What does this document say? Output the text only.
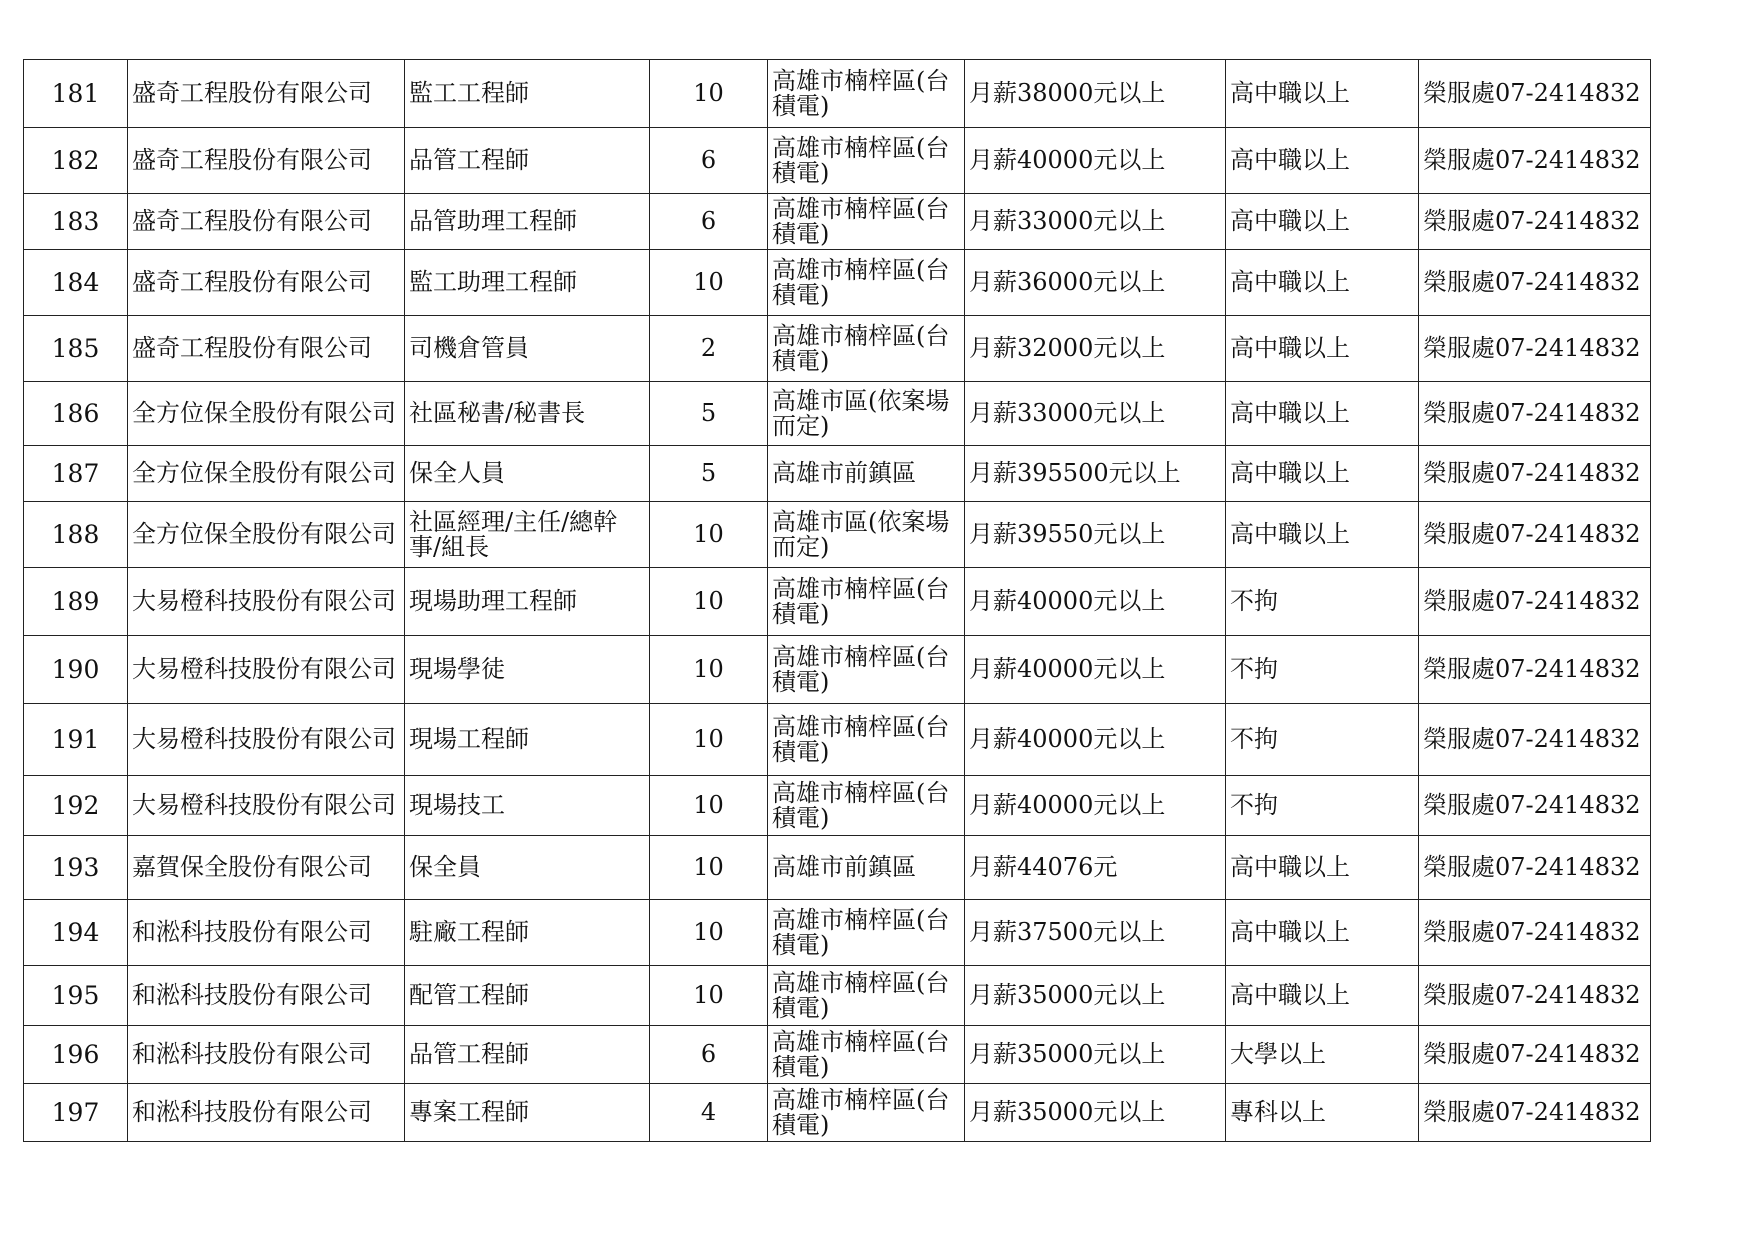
181	盛奇工程股份有限公司	監工工程師	10	高雄市楠梓區(台積電)	月薪38000元以上	高中職以上	榮服處07-2414832
182	盛奇工程股份有限公司	品管工程師	6	高雄市楠梓區(台積電)	月薪40000元以上	高中職以上	榮服處07-2414832
183	盛奇工程股份有限公司	品管助理工程師	6	高雄市楠梓區(台積電)	月薪33000元以上	高中職以上	榮服處07-2414832
184	盛奇工程股份有限公司	監工助理工程師	10	高雄市楠梓區(台積電)	月薪36000元以上	高中職以上	榮服處07-2414832
185	盛奇工程股份有限公司	司機倉管員	2	高雄市楠梓區(台積電)	月薪32000元以上	高中職以上	榮服處07-2414832
186	全方位保全股份有限公司	社區秘書/秘書長	5	高雄市區(依案場而定)	月薪33000元以上	高中職以上	榮服處07-2414832
187	全方位保全股份有限公司	保全人員	5	高雄市前鎮區	月薪395500元以上	高中職以上	榮服處07-2414832
188	全方位保全股份有限公司	社區經理/主任/總幹事/組長	10	高雄市區(依案場而定)	月薪39550元以上	高中職以上	榮服處07-2414832
189	大易橙科技股份有限公司	現場助理工程師	10	高雄市楠梓區(台積電)	月薪40000元以上	不拘	榮服處07-2414832
190	大易橙科技股份有限公司	現場學徒	10	高雄市楠梓區(台積電)	月薪40000元以上	不拘	榮服處07-2414832
191	大易橙科技股份有限公司	現場工程師	10	高雄市楠梓區(台積電)	月薪40000元以上	不拘	榮服處07-2414832
192	大易橙科技股份有限公司	現場技工	10	高雄市楠梓區(台積電)	月薪40000元以上	不拘	榮服處07-2414832
193	嘉賀保全股份有限公司	保全員	10	高雄市前鎮區	月薪44076元	高中職以上	榮服處07-2414832
194	和淞科技股份有限公司	駐廠工程師	10	高雄市楠梓區(台積電)	月薪37500元以上	高中職以上	榮服處07-2414832
195	和淞科技股份有限公司	配管工程師	10	高雄市楠梓區(台積電)	月薪35000元以上	高中職以上	榮服處07-2414832
196	和淞科技股份有限公司	品管工程師	6	高雄市楠梓區(台積電)	月薪35000元以上	大學以上	榮服處07-2414832
197	和淞科技股份有限公司	專案工程師	4	高雄市楠梓區(台積電)	月薪35000元以上	專科以上	榮服處07-2414832
